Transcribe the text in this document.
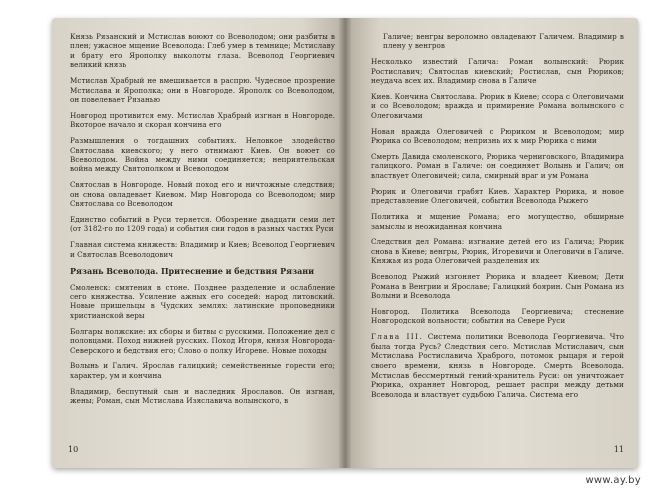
Князь Рязанский и Мстислав воюют со Всеволодом; они разбиты в плен; ужасное мщение Всеволода: Глеб умер в темнице; Мстиславу и брату его Ярополку выколоты глаза. Всеволод Георгиевич великий князь
Мстислав Храбрый не вмешивается в распрю. Чудесное прозрение Мстислава и Ярополка; они в Новгороде. Ярополк со Всеволодом, он повелевает Рязанью
Новгород противится ему. Мстислав Храбрый изгнан в Новгороде. Вкоторое начало и скорая кончина его
Размышления о тогдашних событиях. Неловкое злодейство Святослава киевского; у него отнимают Киев. Он воюет со Всеволодом. Война между ними соединяется; неприятельская война между Святополком и Всеволодом
Святослав в Новгороде. Новый поход его и ничтожные следствия; он снова овладевает Киевом. Мир Новгорода со Всеволодом; мир Святослава со Всеволодом
Единство событий в Руси теряется. Обозрение двадцати семи лет (от 3182-го по 1209 года) и события сии годов в разных частях Руси
Главная система княжеств: Владимир и Киев; Всеволод Георгиевич и Святослав Всеволодович
Рязань Всеволода. Притеснение и бедствия Рязани
Смоленск: смятения в стоне. Позднее разделение и ослабление сего княжества. Усиление ажных его соседей: народ литовский. Новые пришельцы в Чудских землях: латинские проповедники христианской веры
Болгары волжские: их сборы и битвы с русскими. Положение дел с половцами. Поход нижней русских. Поход Игоря, князя Новгорода-Северского и бедствия его; Слово о полку Игореве. Новые походы
Волынь и Галич. Ярослав галицкий; семейственные горести его; характер, ум и кончина
Владимир, беспутный сын и наследник Ярославов. Он изгнан, жены; Роман, сын Мстислава Изяславича волынского, в
10
Галиче; венгры вероломно овладевают Галичем. Владимир в плену у венгров
Несколько известий Галича: Роман волынский: Рюрик Ростиславич; Святослав киевский; Ростислав, сын Рюриков; неудача всех их. Владимир снова в Галиче
Киев. Кончина Святослава. Рюрик в Киеве; ссора с Олеговичами и со Всеволодом; вражда и примирение Романа волынского с Олеговичами
Новая вражда Олеговичей с Рюриком и Всеволодом; мир Рюрика со Всеволодом; непризнь их к мир Рюрика с ними
Смерть Давида смоленского, Рюрика черниговского, Владимира галицкого. Роман в Галиче: он соединяет Волынь и Галич; он властвует Олеговичей; сила, смирный враг и ум Романа
Рюрик и Олеговичи грабят Киев. Характер Рюрика, и новое представление Олеговичей, события Всеволода Рыжего
Политика и мщение Романа; его могущество, обширные замыслы и неожиданная кончина
Следствия дел Романа: изгнание детей его из Галича; Рюрик снова в Киеве; венгры, Рюрик, Игоревичи и Олеговичи в Галиче. Княжья из рода Олеговичей разделения их
Всеволод Рыжий изгоняет Рюрика и владеет Киевом; Дети Романа в Венгрии и Ярославе; Галицкий боярин. Сын Романа из Волыни и Всеволода
Новгород. Политика Всеволода Георгиевича; стеснение Новгородской вольности; события на Севере Руси
Глава III. Система политики Всеволода Георгиевича. Что была тогда Русь? Следствия сего. Мстислав Мстиславич, сын Мстислава Ростиславича Храброго, потомок рыцаря и герой своего времени, князь в Новгороде. Смерть Всеволода. Мстислав бессмертный гений-хранитель Руси: он уничтожает Рюрика, охраняет Новгород, решает распри между детьми Всеволода и властвует судьбою Галича. Система его
11
www.ay.by
